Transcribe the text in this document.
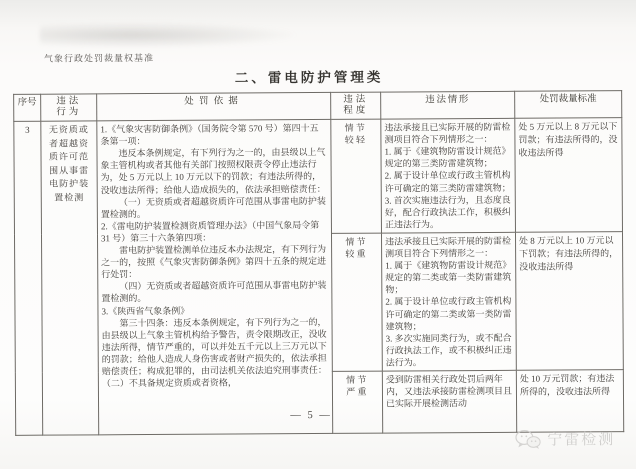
气象行政处罚裁量权基准
二、雷电防护管理类
序号	违法行为	处罚依据	违法程度	违法情形	处罚裁量标准
3	无资质或者超越资质许可范围从事雷电防护装置检测	
1.《气象灾害防御条例》（国务院令第 570 号）第四十五条第一项：
违反本条例规定，有下列行为之一的，由县级以上气象主管机构或者其他有关部门按照权限责令停止违法行为，处 5 万元以上 10 万元以下的罚款；有违法所得的，没收违法所得；给他人造成损失的，依法承担赔偿责任：
（一）无资质或者超越资质许可范围从事雷电防护装置检测的。
2.《雷电防护装置检测资质管理办法》（中国气象局令第 31 号）第三十六条第四项：
雷电防护装置检测单位违反本办法规定，有下列行为之一的，按照《气象灾害防御条例》第四十五条的规定进行处罚：
（四）无资质或者超越资质许可范围从事雷电防护装置检测的。
3.《陕西省气象条例》
第三十四条：违反本条例规定，有下列行为之一的，由县级以上气象主管机构给予警告，责令限期改正，没收违法所得，情节严重的，可以并处五千元以上三万元以下的罚款；给他人造成人身伤害或者财产损失的，依法承担赔偿责任；构成犯罪的，由司法机关依法追究刑事责任：（二）不具备规定资质或者资格，
	情节较轻	
违法承接且已实际开展的防雷检测项目符合下列情形之一：
1. 属于《建筑物防雷设计规范》规定的第三类防雷建筑物；
2. 属于设计单位或行政主管机构许可确定的第三类防雷建筑物；
3. 首次实施违法行为，且态度良好，配合行政执法工作，积极纠正违法行为。
	处 5 万元以上 8 万元以下罚款；有违法所得的，没收违法所得
			情节较重	违法承接且已实际开展的防雷检测项目符合下列情形之一：
1. 属于《建筑物防雷设计规范》规定的第二类或第一类防雷建筑物；
2. 属于设计单位或行政主管机构许可确定的第二类或第一类防雷建筑物；
3. 多次实施同类行为，或不配合行政执法工作，或不积极纠正违法行为。	处 8 万元以上 10 万元以下罚款；有违法所得的，没收违法所得
			情节严重	受到防雷相关行政处罚后两年内，又违法承接防雷检测项目且已实际开展检测活动	处 10 万元罚款；有违法所得的，没收违法所得
— 5 —
宁雷检测
